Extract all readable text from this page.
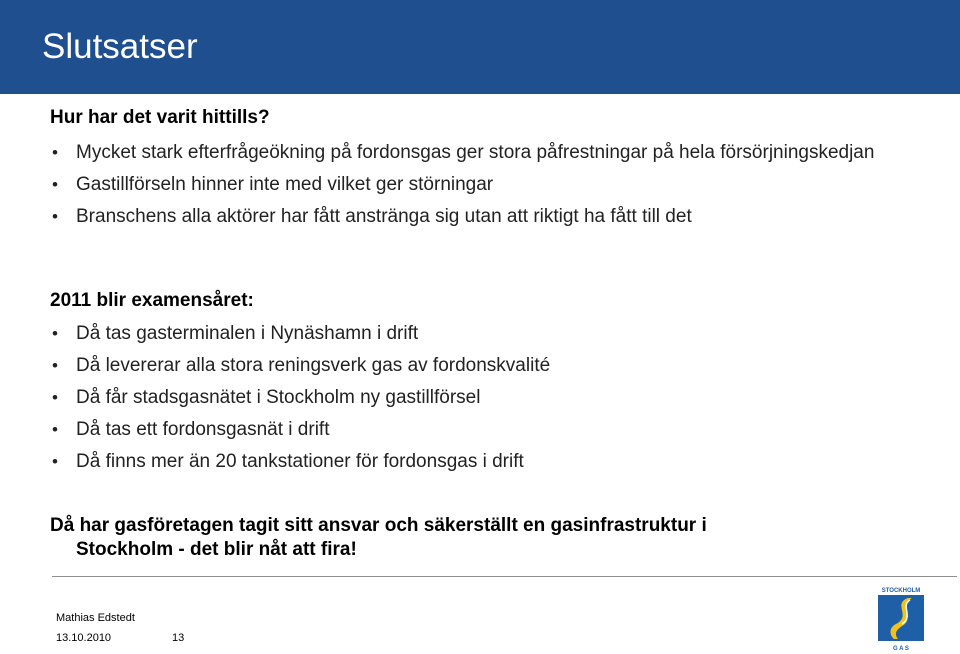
Slutsatser
Hur har det varit hittills?
• Mycket stark efterfrågeökning på fordonsgas ger stora påfrestningar på hela försörjningskedjan
• Gastillförseln hinner inte med vilket ger störningar
• Branschens alla aktörer har fått anstränga sig utan att riktigt ha fått till det
2011 blir examensåret:
• Då tas gasterminalen i Nynäshamn i drift
• Då levererar alla stora reningsverk gas av fordonskvalité
• Då får stadsgasnätet i Stockholm ny gastillförsel
• Då tas ett fordonsgasnät i drift
• Då finns mer än 20 tankstationer för fordonsgas i drift

Då har gasföretagen tagit sitt ansvar och säkerställt en gasinfrastruktur i
Stockholm - det blir nåt att fira!

Mathias Edstedt
13.10.2010	13
STOCKHOLM
G A S
